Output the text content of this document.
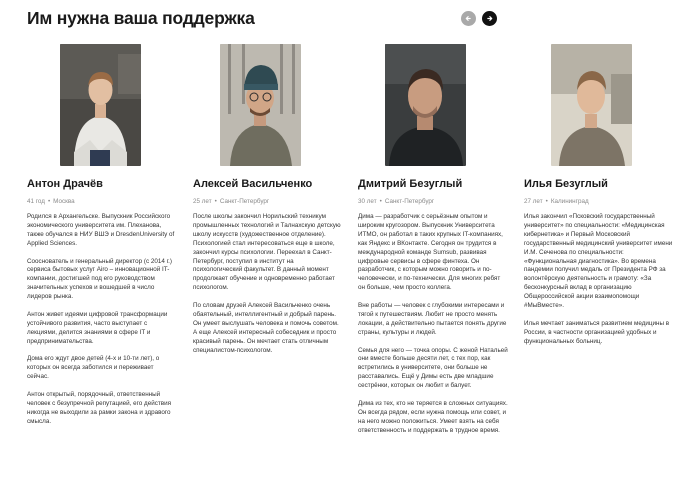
Им нужна ваша поддержка
Антон Драчёв
41 год • Москва

Родился в Архангельске. Выпускник Российского экономического университета им. Плеханова, также обучался в НИУ ВШЭ и DresdenUniversity of Applied Sciences.

Сооснователь и генеральный директор (с 2014 г.) сервиса бытовых услуг Airo – инновационной IT-компании, достигшей под его руководством значительных успехов и вошедшей в число лидеров рынка.

Антон живет идеями цифровой трансформации устойчивого развития, часто выступает с лекциями, делится знаниями в сфере IT и предпринимательства.

Дома его ждут двое детей (4-х и 10-ти лет), о которых он всегда заботился и переживает сейчас.

Антон открытый, порядочный, ответственный человек с безупречной репутацией, его действия никогда не выходили за рамки закона и здравого смысла.

Алексей Васильченко
25 лет • Санкт-Петербург

После школы закончил Норильский техникум промышленных технологий и Талнахскую детскую школу искусств (художественное отделение). Психологией стал интересоваться еще в школе, закончил курсы психологии. Переехал в Санкт-Петербург, поступил в институт на психологический факультет. В данный момент продолжает обучение и одновременно работает психологом.

По словам друзей Алексей Васильченко очень обаятельный, интеллигентный и добрый парень. Он умеет выслушать человека и помочь советом. А еще Алексей интересный собеседник и просто красивый парень. Он мечтает стать отличным специалистом-психологом.

Дмитрий Безуглый
30 лет • Санкт-Петербург

Дима — разработчик с серьёзным опытом и широким кругозором. Выпускник Университета ИТМО, он работал в таких крупных IT-компаниях, как Яндекс и ВКонтакте. Сегодня он трудится в международной команде Sumsub, развивая цифровые сервисы в сфере финтеха. Он разработчик, с которым можно говорить и по-человечески, и по-технически. Для многих ребят он больше, чем просто коллега.

Вне работы — человек с глубокими интересами и тягой к путешествиям. Любит не просто менять локации, а действительно пытается понять другие страны, культуры и людей.

Семья для него — точка опоры. С женой Натальей они вместе больше десяти лет, с тех пор, как встретились в университете, они больше не расставались. Ещё у Димы есть две младшие сестрёнки, которых он любит и балует.

Дима из тех, кто не теряется в сложных ситуациях. Он всегда рядом, если нужна помощь или совет, и на него можно положиться. Умеет взять на себя ответственность и поддержать в трудное время.

Илья Безуглый
27 лет • Калининград

Илья закончил «Псковский государственный университет» по специальности: «Медицинская кибернетика» и Первый Московский государственный медицинский университет имени И.М. Сеченова по специальности: «Функциональная диагностика». Во времена пандемии получил медаль от Президента РФ за волонтёрскую деятельность и грамоту: «За бесконкурсный вклад в организацию Общероссийской акции взаимопомощи #МыВместе».

Илья мечтает заниматься развитием медицины в России, в частности организацией удобных и функциональных больниц.
